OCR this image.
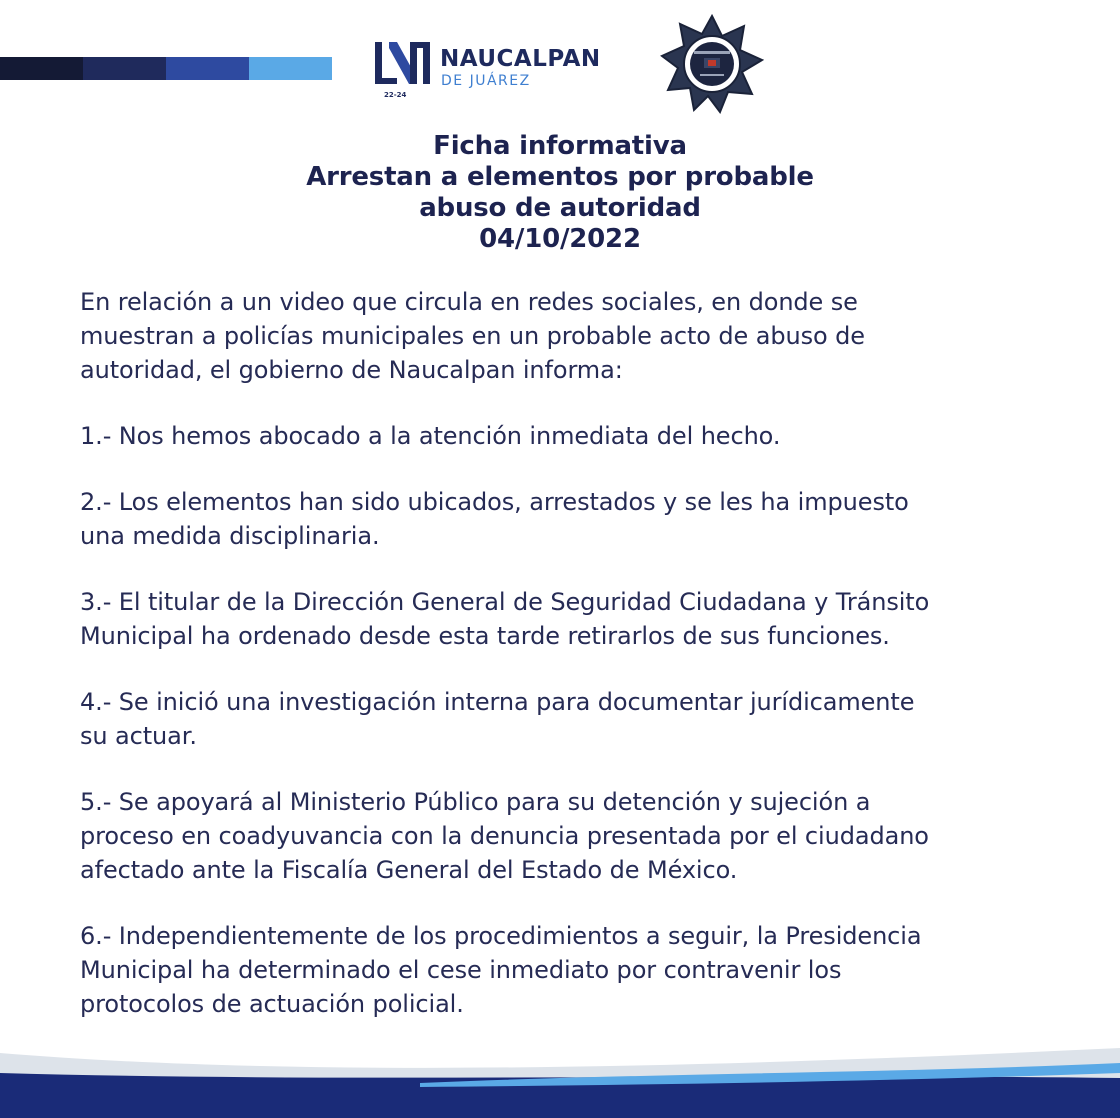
NAUCALPAN
DE JUÁREZ
22-24
Ficha informativa
Arrestan a elementos por probable
abuso de autoridad
04/10/2022
En relación a un video que circula en redes sociales, en donde se
muestran a policías municipales en un probable acto de abuso de
autoridad, el gobierno de Naucalpan informa:
1.- Nos hemos abocado a la atención inmediata del hecho.
2.- Los elementos han sido ubicados, arrestados y se les ha impuesto
una medida disciplinaria.
3.- El titular de la Dirección General de Seguridad Ciudadana y Tránsito
Municipal ha ordenado desde esta tarde retirarlos de sus funciones.
4.- Se inició una investigación interna para documentar jurídicamente
su actuar.
5.- Se apoyará al Ministerio Público para su detención y sujeción a
proceso en coadyuvancia con la denuncia presentada por el ciudadano
afectado ante la Fiscalía General del Estado de México.
6.- Independientemente de los procedimientos a seguir, la Presidencia
Municipal ha determinado el cese inmediato por contravenir los
protocolos de actuación policial.
